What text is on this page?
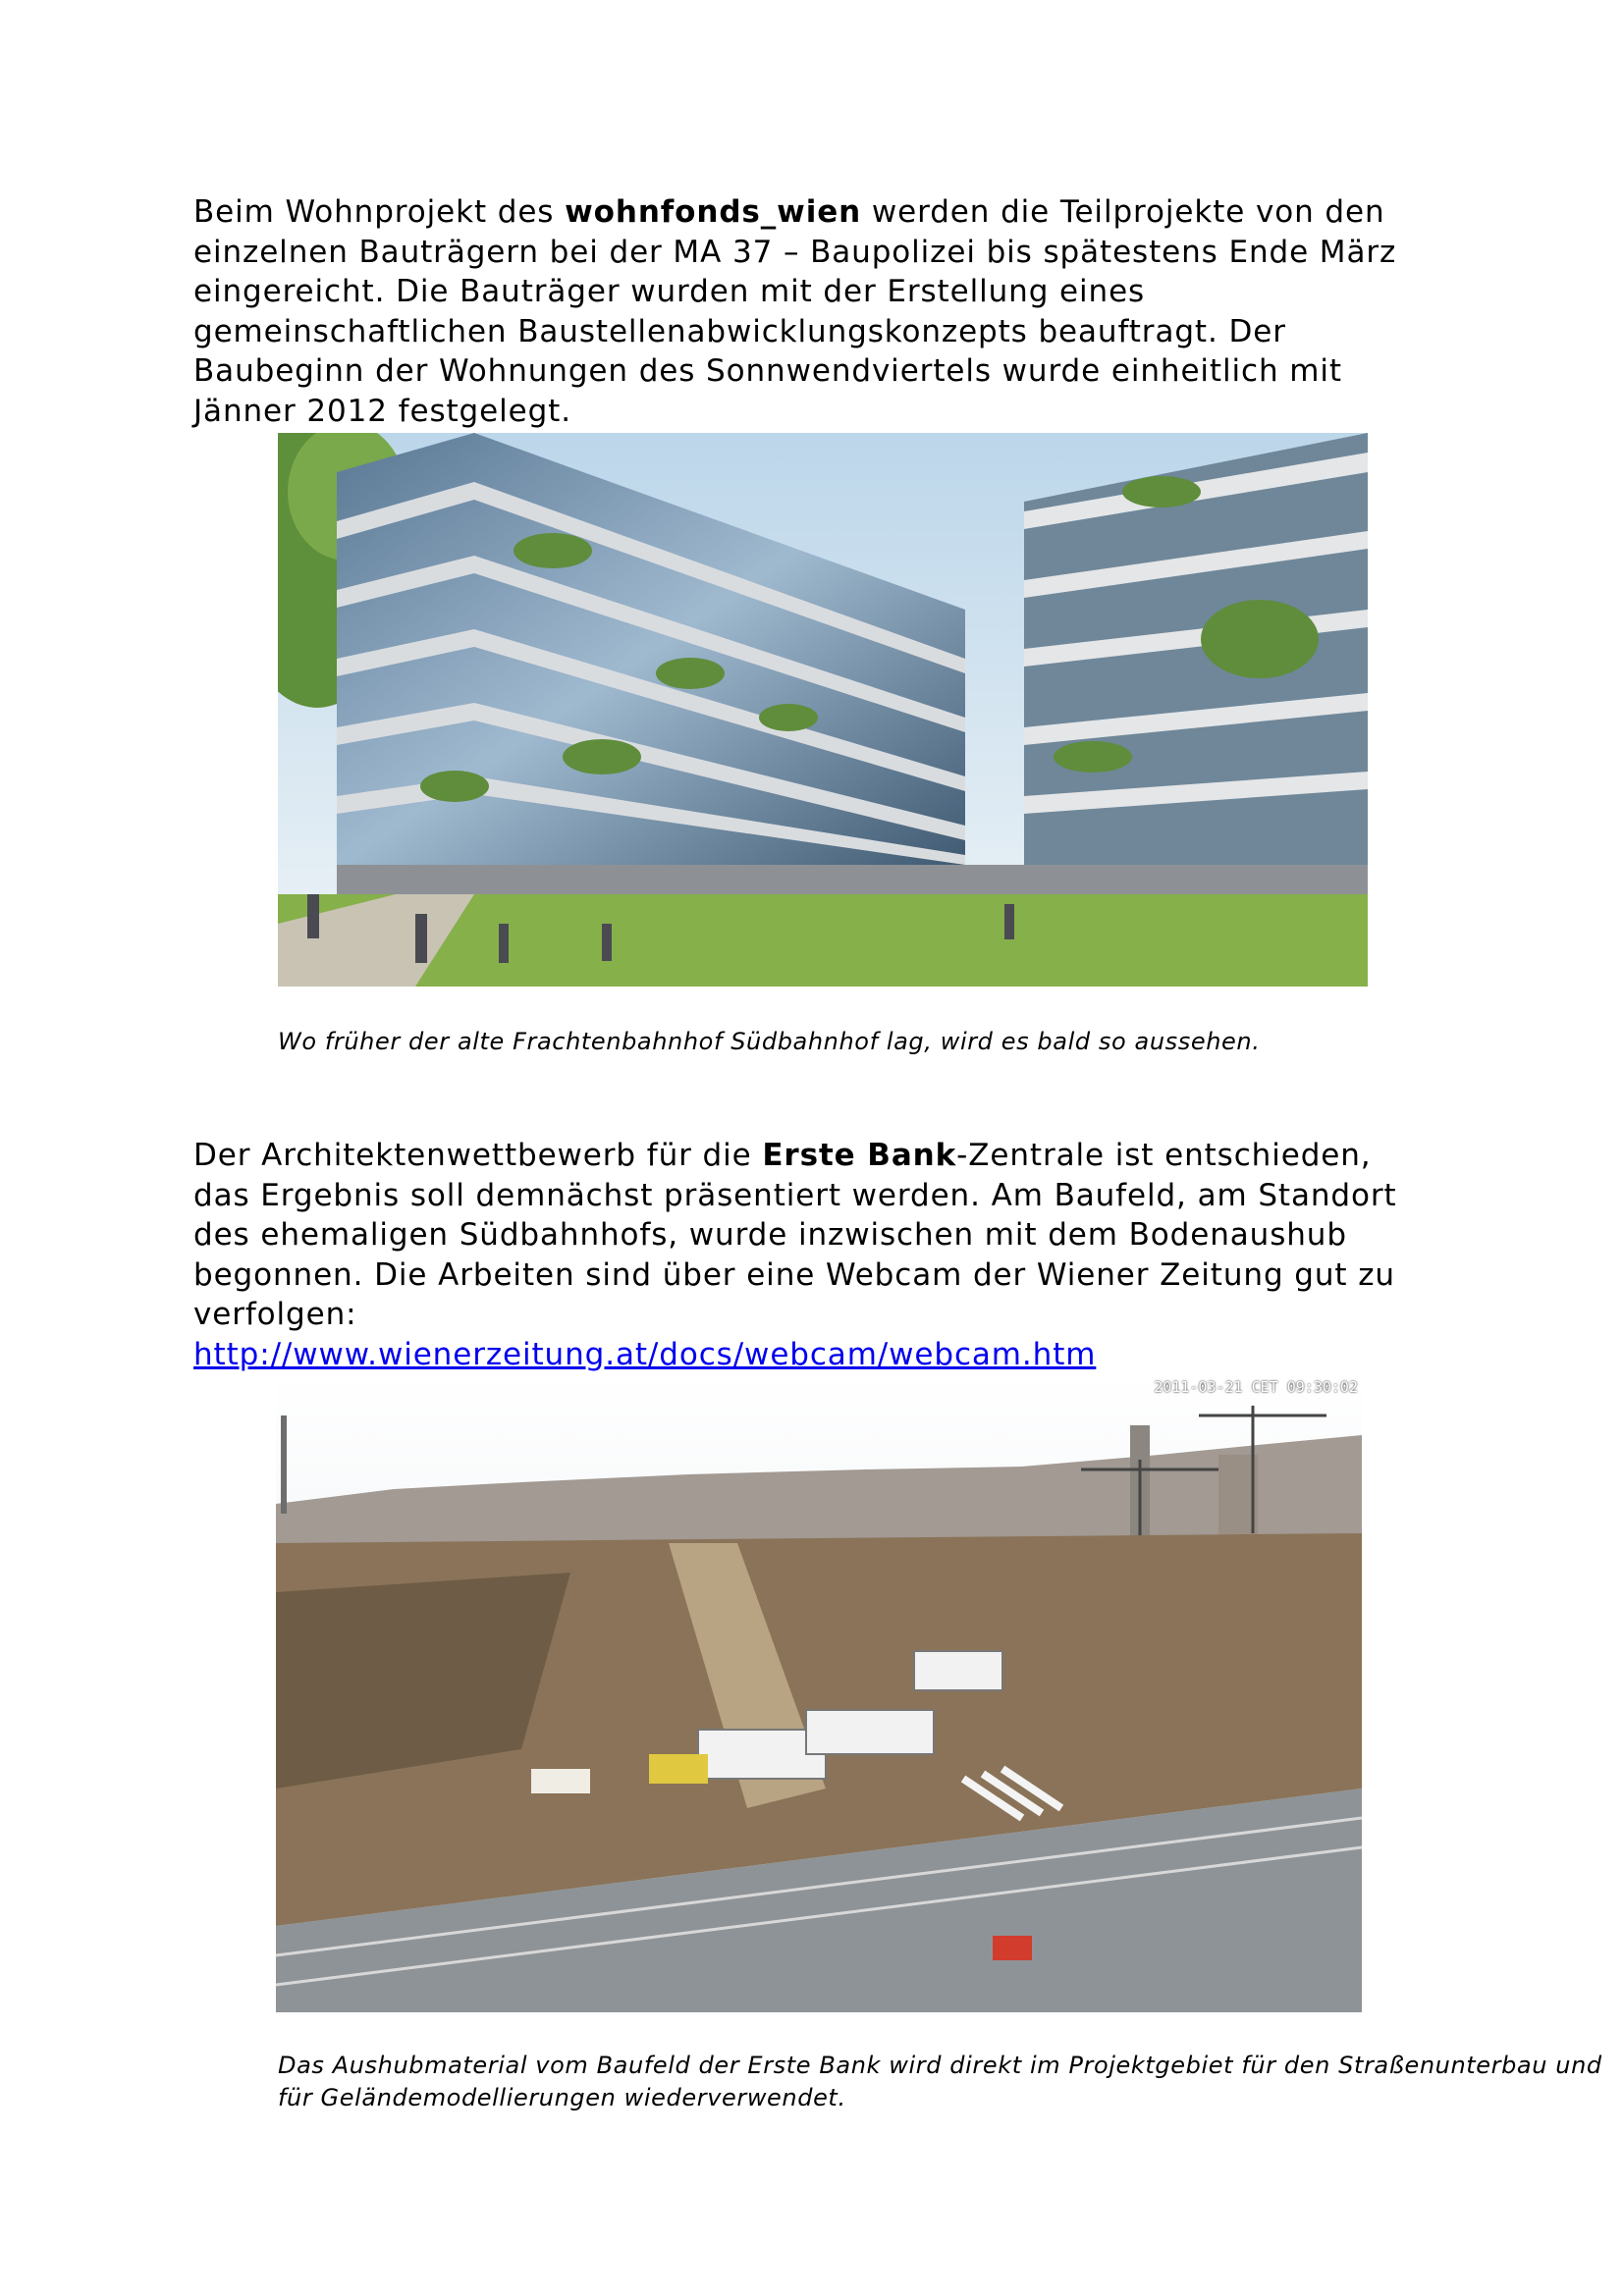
Beim Wohnprojekt des wohnfonds_wien werden die Teilprojekte von den einzelnen Bauträgern bei der MA 37 – Baupolizei bis spätestens Ende März eingereicht. Die Bauträger wurden mit der Erstellung eines gemeinschaftlichen Baustellenabwicklungskonzepts beauftragt. Der Baubeginn der Wohnungen des Sonnwendviertels wurde einheitlich mit Jänner 2012 festgelegt.

Wo früher der alte Frachtenbahnhof Südbahnhof lag, wird es bald so aussehen.

Der Architektenwettbewerb für die Erste Bank-Zentrale ist entschieden, das Ergebnis soll demnächst präsentiert werden. Am Baufeld, am Standort des ehemaligen Südbahnhofs, wurde inzwischen mit dem Bodenaushub begonnen. Die Arbeiten sind über eine Webcam der Wiener Zeitung gut zu verfolgen:
http://www.wienerzeitung.at/docs/webcam/webcam.htm

2011-03-21 CET 09:30:02

Das Aushubmaterial vom Baufeld der Erste Bank wird direkt im Projektgebiet für den Straßenunterbau und für Geländemodellierungen wiederverwendet.
